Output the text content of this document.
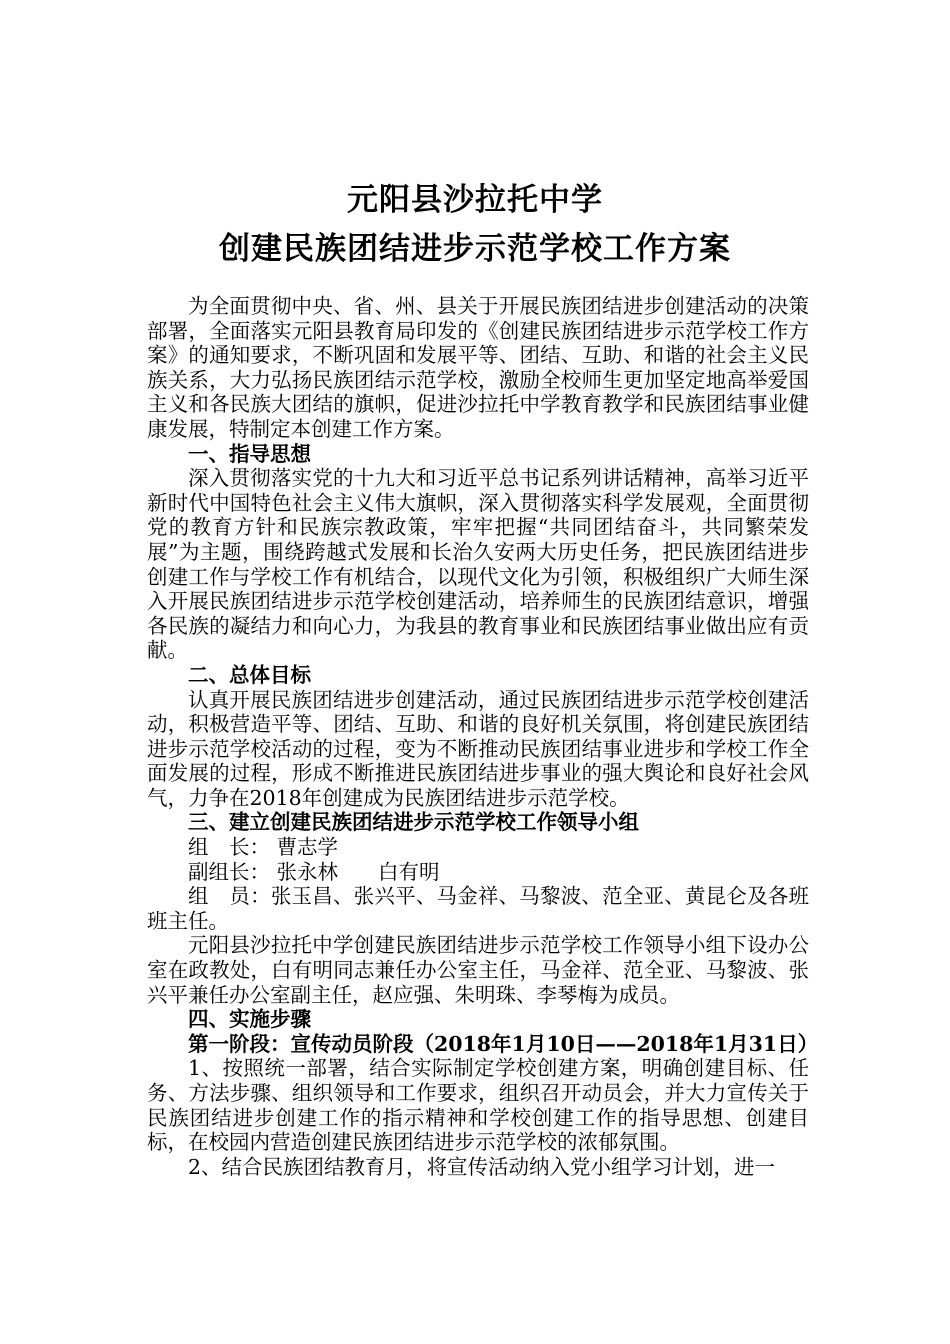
元阳县沙拉托中学
创建民族团结进步示范学校工作方案

为全面贯彻中央、省、州、县关于开展民族团结进步创建活动的决策部署，全面落实元阳县教育局印发的《创建民族团结进步示范学校工作方案》的通知要求，不断巩固和发展平等、团结、互助、和谐的社会主义民族关系，大力弘扬民族团结示范学校，激励全校师生更加坚定地高举爱国主义和各民族大团结的旗帜，促进沙拉托中学教育教学和民族团结事业健康发展，特制定本创建工作方案。

一、指导思想

深入贯彻落实党的十九大和习近平总书记系列讲话精神，高举习近平新时代中国特色社会主义伟大旗帜，深入贯彻落实科学发展观，全面贯彻党的教育方针和民族宗教政策，牢牢把握“共同团结奋斗，共同繁荣发展”为主题，围绕跨越式发展和长治久安两大历史任务，把民族团结进步创建工作与学校工作有机结合，以现代文化为引领，积极组织广大师生深入开展民族团结进步示范学校创建活动，培养师生的民族团结意识，增强各民族的凝结力和向心力，为我县的教育事业和民族团结事业做出应有贡献。

二、总体目标

认真开展民族团结进步创建活动，通过民族团结进步示范学校创建活动，积极营造平等、团结、互助、和谐的良好机关氛围，将创建民族团结进步示范学校活动的过程，变为不断推动民族团结事业进步和学校工作全面发展的过程，形成不断推进民族团结进步事业的强大舆论和良好社会风气，力争在2018年创建成为民族团结进步示范学校。

三、建立创建民族团结进步示范学校工作领导小组

组　长： 曹志学

副组长： 张永林 白有明

组　员：张玉昌、张兴平、马金祥、马黎波、范全亚、黄昆仑及各班班主任。

元阳县沙拉托中学创建民族团结进步示范学校工作领导小组下设办公室在政教处，白有明同志兼任办公室主任，马金祥、范全亚、马黎波、张兴平兼任办公室副主任，赵应强、朱明珠、李琴梅为成员。

四、实施步骤

第一阶段：宣传动员阶段（2018年1月10日——2018年1月31日）

1、按照统一部署，结合实际制定学校创建方案，明确创建目标、任务、方法步骤、组织领导和工作要求，组织召开动员会，并大力宣传关于民族团结进步创建工作的指示精神和学校创建工作的指导思想、创建目标，在校园内营造创建民族团结进步示范学校的浓郁氛围。

2、结合民族团结教育月，将宣传活动纳入党小组学习计划，进一
